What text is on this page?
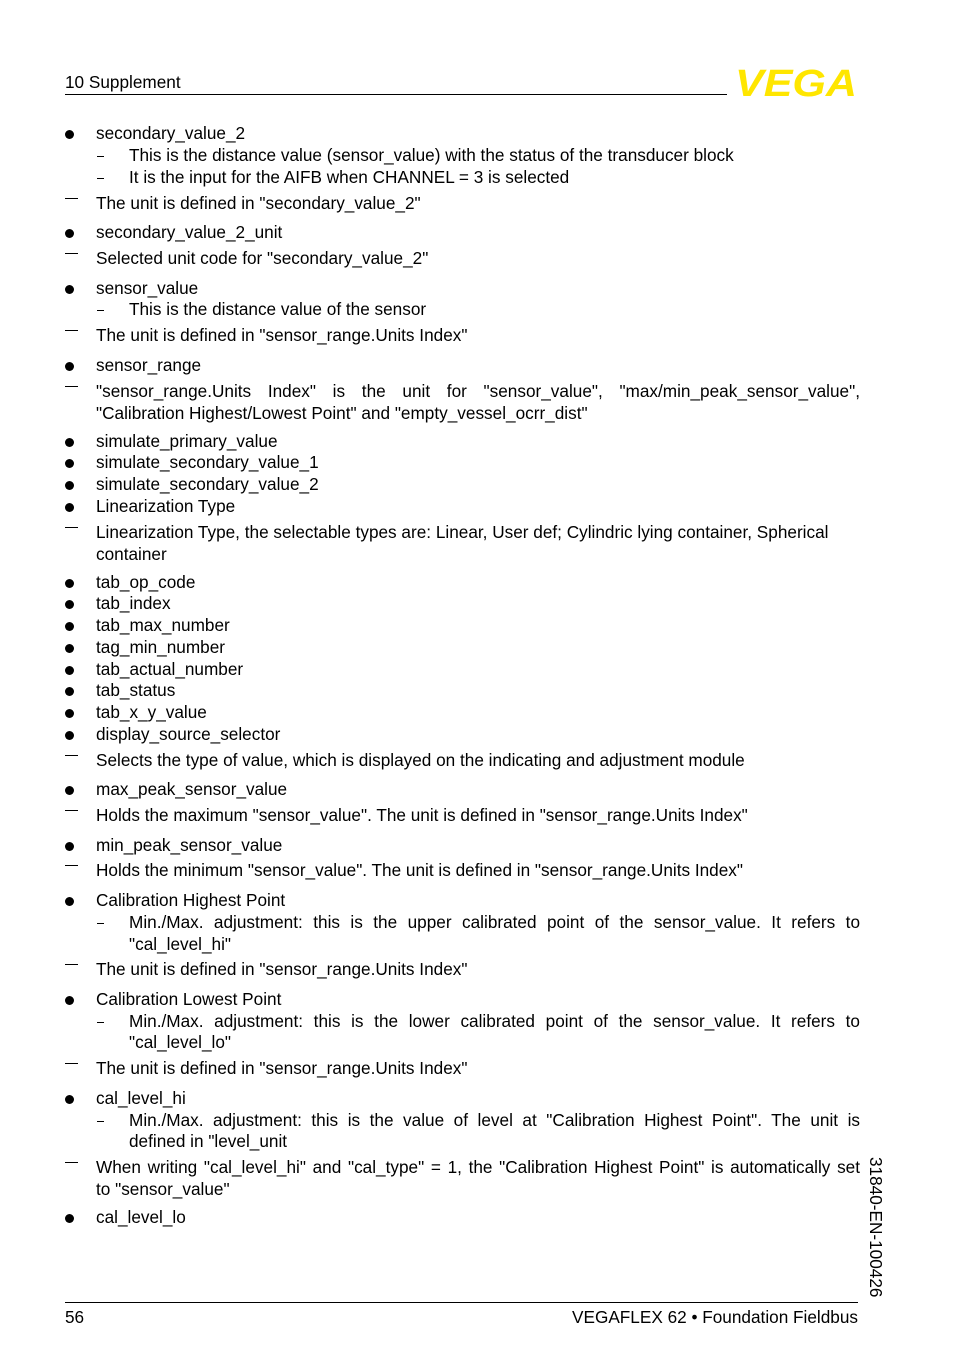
10 Supplement	VEGA
secondary_value_2
This is the distance value (sensor_value) with the status of the transducer block
It is the input for the AIFB when CHANNEL = 3 is selected
The unit is defined in "secondary_value_2"
secondary_value_2_unit
Selected unit code for "secondary_value_2"
sensor_value
This is the distance value of the sensor
The unit is defined in "sensor_range.Units Index"
sensor_range
"sensor_range.Units Index" is the unit for "sensor_value", "max/min_peak_sensor_value",
"Calibration Highest/Lowest Point" and "empty_vessel_ocrr_dist"
simulate_primary_value
simulate_secondary_value_1
simulate_secondary_value_2
Linearization Type
Linearization Type, the selectable types are: Linear, User def; Cylindric lying container, Spherical
container
tab_op_code
tab_index
tab_max_number
tag_min_number
tab_actual_number
tab_status
tab_x_y_value
display_source_selector
Selects the type of value, which is displayed on the indicating and adjustment module
max_peak_sensor_value
Holds the maximum "sensor_value". The unit is defined in "sensor_range.Units Index"
min_peak_sensor_value
Holds the minimum "sensor_value". The unit is defined in "sensor_range.Units Index"
Calibration Highest Point
Min./Max. adjustment: this is the upper calibrated point of the sensor_value. It refers to
"cal_level_hi"
The unit is defined in "sensor_range.Units Index"
Calibration Lowest Point
Min./Max. adjustment: this is the lower calibrated point of the sensor_value. It refers to
"cal_level_lo"
The unit is defined in "sensor_range.Units Index"
cal_level_hi
Min./Max. adjustment: this is the value of level at "Calibration Highest Point". The unit is
defined in "level_unit
When writing "cal_level_hi" and "cal_type" = 1, the "Calibration Highest Point" is automatically set
to "sensor_value"
cal_level_lo
56	VEGAFLEX 62 • Foundation Fieldbus
31840-EN-100426
